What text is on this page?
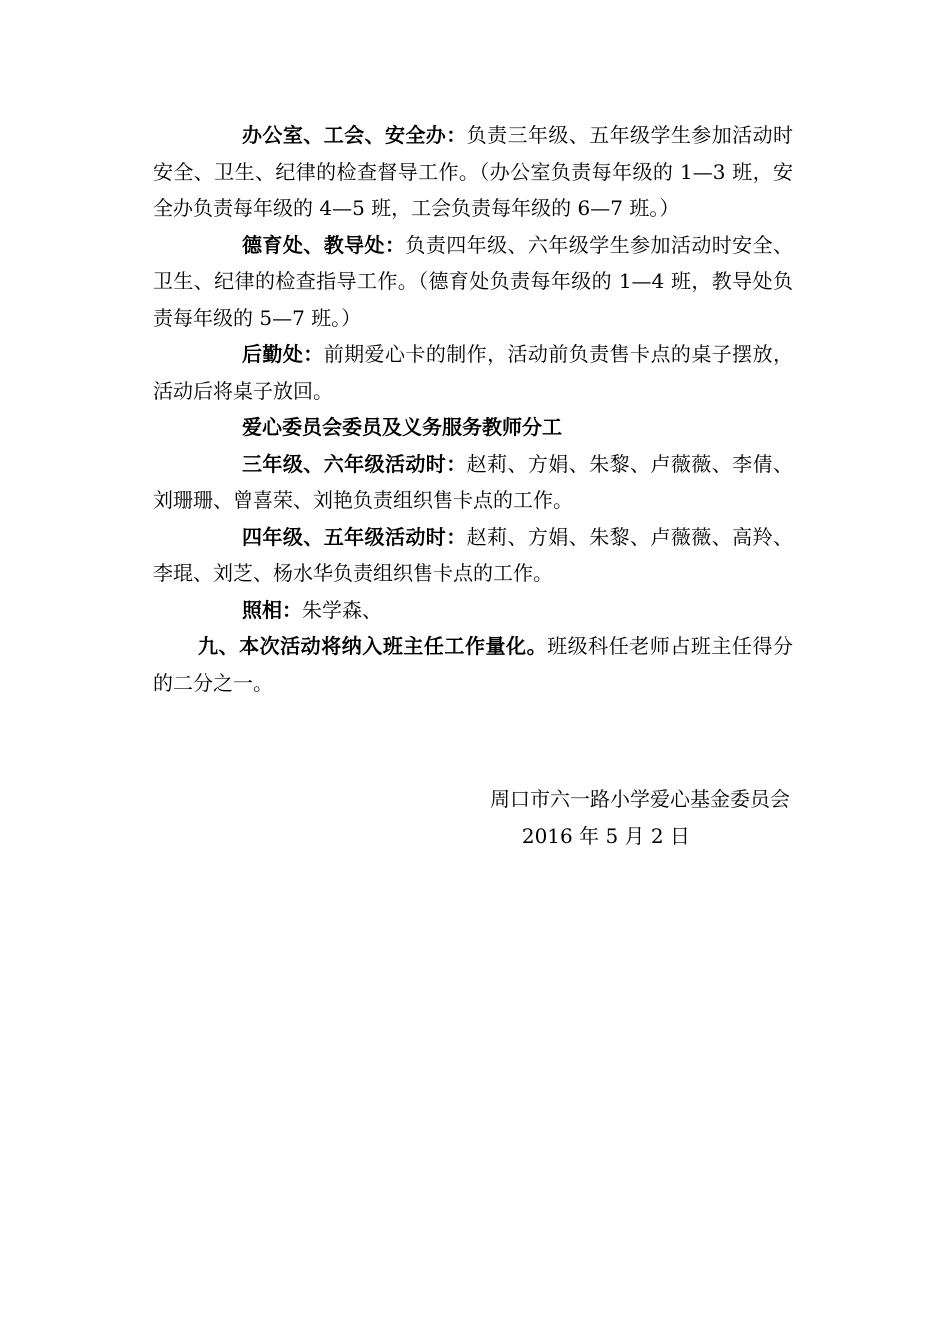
办公室、工会、安全办：负责三年级、五年级学生参加活动时安全、卫生、纪律的检查督导工作。（办公室负责每年级的 1—3 班，安全办负责每年级的 4—5 班，工会负责每年级的 6—7 班。）

德育处、教导处：负责四年级、六年级学生参加活动时安全、卫生、纪律的检查指导工作。（德育处负责每年级的 1—4 班，教导处负责每年级的 5—7 班。）

后勤处：前期爱心卡的制作，活动前负责售卡点的桌子摆放，活动后将桌子放回。

爱心委员会委员及义务服务教师分工

三年级、六年级活动时：赵莉、方娟、朱黎、卢薇薇、李倩、刘珊珊、曾喜荣、刘艳负责组织售卡点的工作。

四年级、五年级活动时：赵莉、方娟、朱黎、卢薇薇、高羚、李琨、刘芝、杨水华负责组织售卡点的工作。

照相：朱学森、

九、本次活动将纳入班主任工作量化。班级科任老师占班主任得分的二分之一。

周口市六一路小学爱心基金委员会

2016 年 5 月 2 日
